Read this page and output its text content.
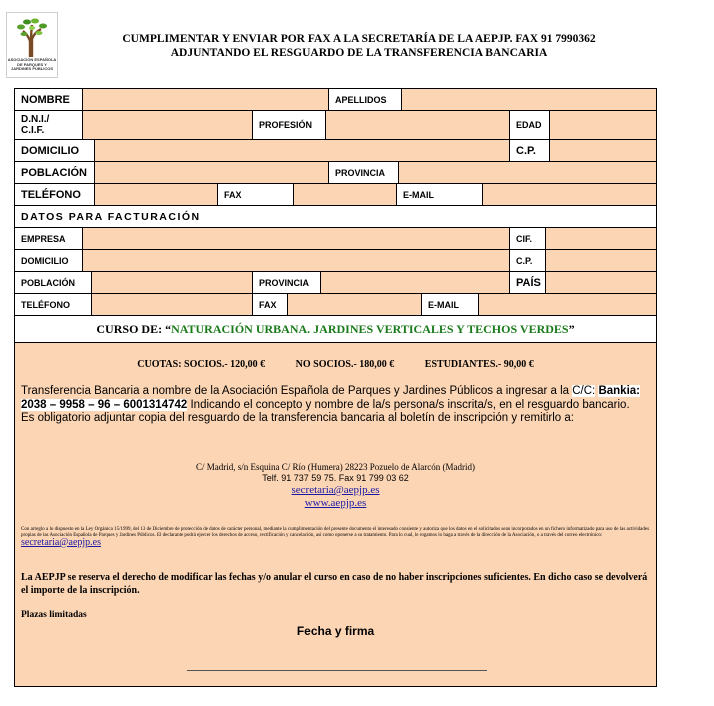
ASOCIACIÓN ESPAÑOLA
DE PARQUES Y
JARDINES PÚBLICOS
CUMPLIMENTAR Y ENVIAR POR FAX A LA SECRETARÍA DE LA AEPJP. FAX 91 7990362
ADJUNTANDO EL RESGUARDO DE LA TRANSFERENCIA BANCARIA
NOMBRE	APELLIDOS
D.N.I./
C.I.F.	PROFESIÓN	EDAD
DOMICILIO	C.P.
POBLACIÓN	PROVINCIA
TELÉFONO	FAX	E-MAIL
DATOS PARA FACTURACIÓN
EMPRESA	CIF.
DOMICILIO	C.P.
POBLACIÓN	PROVINCIA	PAÍS
TELÉFONO	FAX	E-MAIL
CURSO DE: “ NATURACIÓN URBANA. JARDINES VERTICALES Y TECHOS VERDES ”
CUOTAS: SOCIOS.- 120,00 €	NO SOCIOS.- 180,00 €	ESTUDIANTES.- 90,00 €
Transferencia Bancaria a nombre de la Asociación Española de Parques y Jardines Públicos a ingresar a la C/C: Bankia: 2038 – 9958 – 96 – 6001314742 Indicando el concepto y nombre de la/s persona/s inscrita/s, en el resguardo bancario.
Es obligatorio adjuntar copia del resguardo de la transferencia bancaria al boletín de inscripción y remitirlo a:
C/ Madrid, s/n Esquina C/ Río (Humera) 28223 Pozuelo de Alarcón (Madrid)
Telf. 91 737 59 75. Fax 91 799 03 62
secretaria@aepjp.es
www.aepjp.es
Con arreglo a lo dispuesto en la Ley Orgánica 15/1999, del 13 de Diciembre de protección de datos de carácter personal, mediante la cumplimentación del presente documento el interesado consiente y autoriza que los datos en el solicitados sean incorporados en un fichero informatizado para uso de las actividades propias de las Asociación Española de Parques y Jardines Públicos. El declarante podrá ejercer los derechos de acceso, rectificación y cancelación, así como oponerse a su tratamiento. Para lo cual, le rogamos lo haga a través de la dirección de la Asociación, o a través del correo electrónico: secretaria@aepjp.es
La AEPJP se reserva el derecho de modificar las fechas y/o anular el curso en caso de no haber inscripciones suficientes. En dicho caso se devolverá el importe de la inscripción.
Plazas limitadas
Fecha y firma
